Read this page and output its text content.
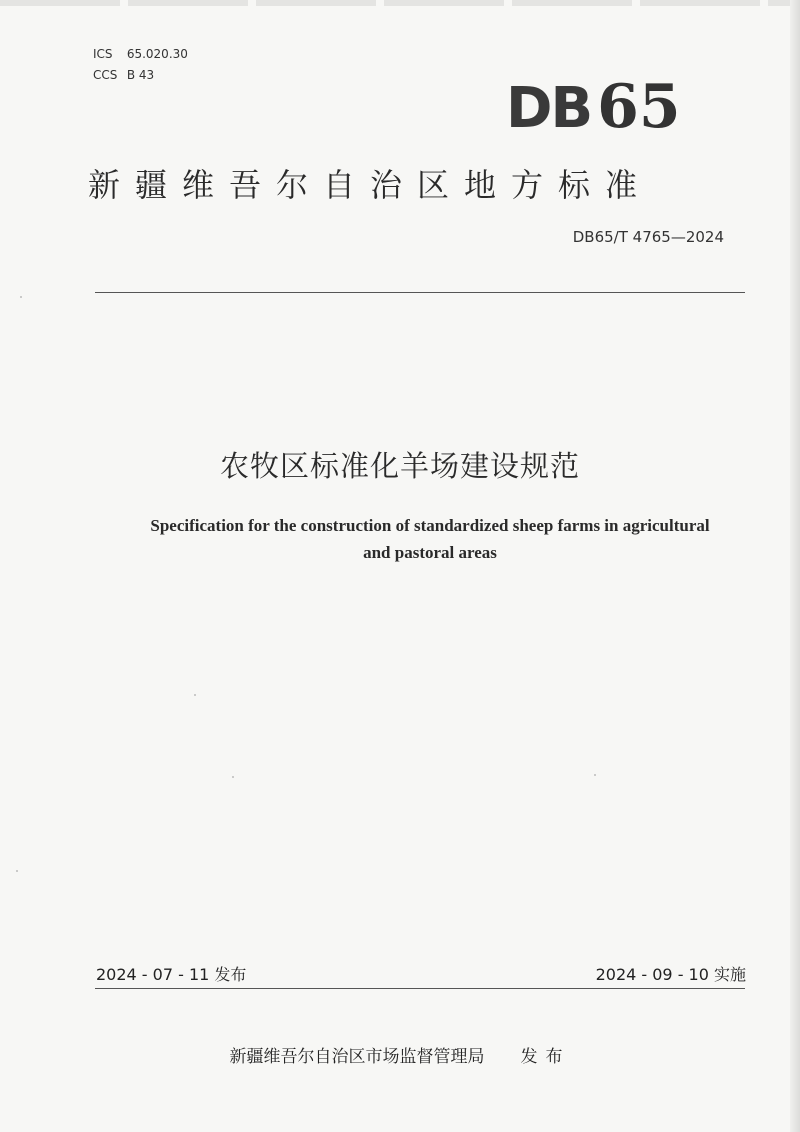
ICS 65.020.30
CCS B 43
DB 65
新疆维吾尔自治区地方标准
DB65/T 4765—2024
农牧区标准化羊场建设规范
Specification for the construction of standardized sheep farms in agricultural
and pastoral areas
2024 - 07 - 11 发布	2024 - 09 - 10 实施
新疆维吾尔自治区市场监督管理局 发布
